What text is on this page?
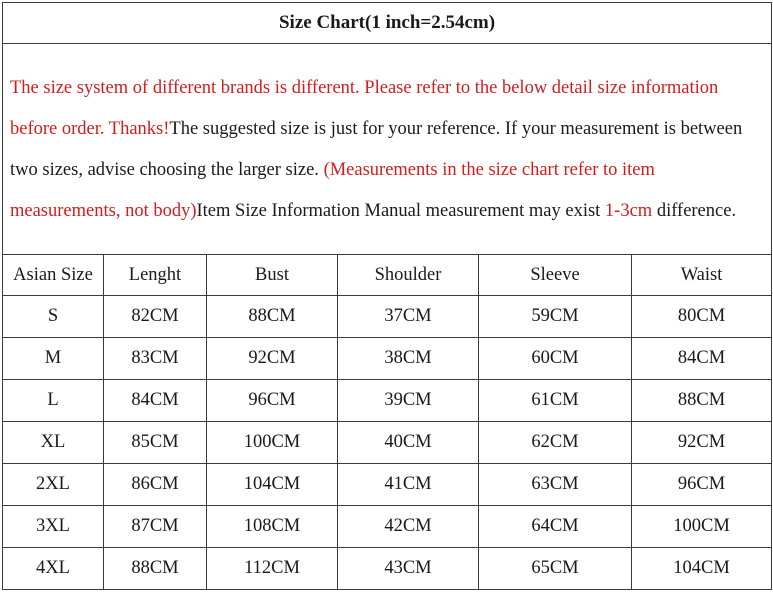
Size Chart(1 inch=2.54cm)					

The size system of different brands is different. Please refer to the below detail size information before order. Thanks!The suggested size is just for your reference. If your measurement is between two sizes, advise choosing the larger size. (Measurements in the size chart refer to item measurements, not body)Item Size Information Manual measurement may exist 1-3cm difference.					

Asian Size	Lenght	Bust	Shoulder	Sleeve	Waist
S	82CM	88CM	37CM	59CM	80CM
M	83CM	92CM	38CM	60CM	84CM
L	84CM	96CM	39CM	61CM	88CM
XL	85CM	100CM	40CM	62CM	92CM
2XL	86CM	104CM	41CM	63CM	96CM
3XL	87CM	108CM	42CM	64CM	100CM
4XL	88CM	112CM	43CM	65CM	104CM
